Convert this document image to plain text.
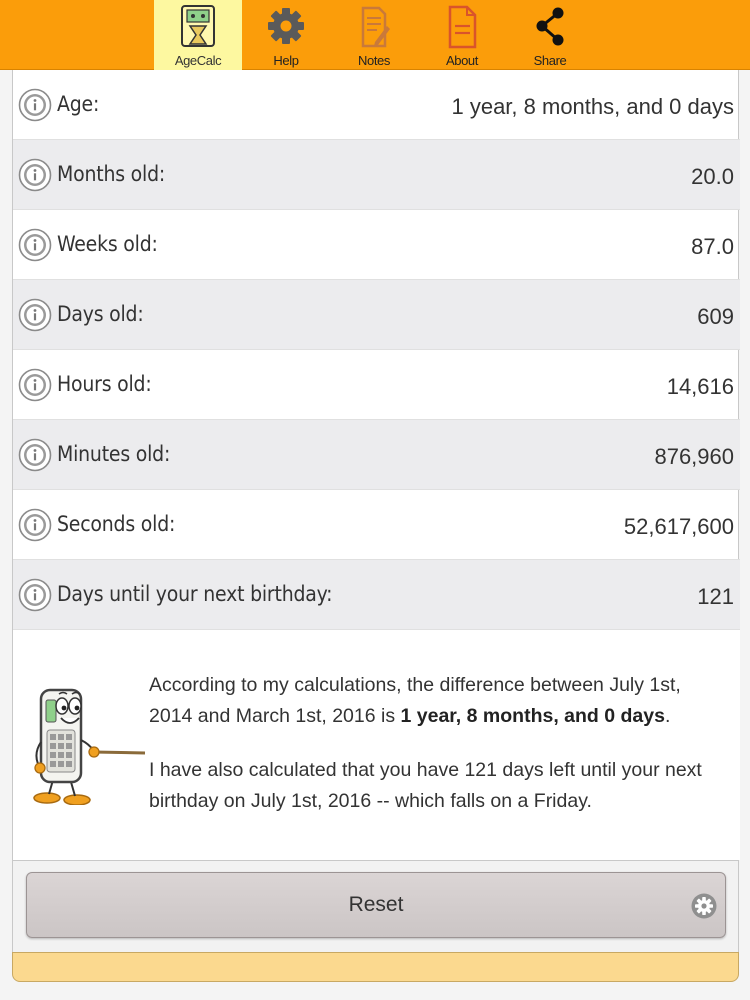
AgeCalc	Help	Notes	About	Share
Age:	1 year, 8 months, and 0 days
Months old:	20.0
Weeks old:	87.0
Days old:	609
Hours old:	14,616
Minutes old:	876,960
Seconds old:	52,617,600
Days until your next birthday:	121

According to my calculations, the difference between July 1st, 2014 and March 1st, 2016 is 1 year, 8 months, and 0 days.

I have also calculated that you have 121 days left until your next birthday on July 1st, 2016 -- which falls on a Friday.

Reset
